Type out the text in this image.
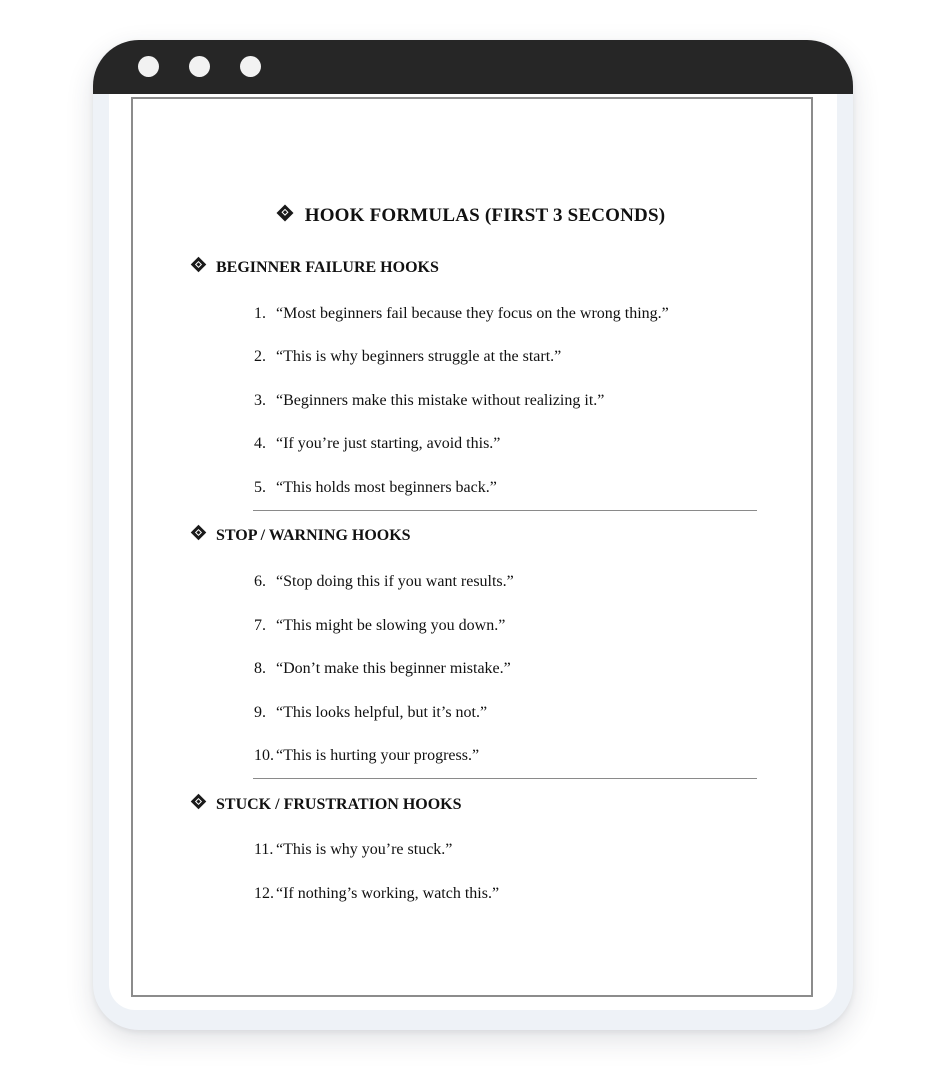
HOOK FORMULAS (FIRST 3 SECONDS)
BEGINNER FAILURE HOOKS
1. “Most beginners fail because they focus on the wrong thing.”
2. “This is why beginners struggle at the start.”
3. “Beginners make this mistake without realizing it.”
4. “If you’re just starting, avoid this.”
5. “This holds most beginners back.”
STOP / WARNING HOOKS
6. “Stop doing this if you want results.”
7. “This might be slowing you down.”
8. “Don’t make this beginner mistake.”
9. “This looks helpful, but it’s not.”
10. “This is hurting your progress.”
STUCK / FRUSTRATION HOOKS
11. “This is why you’re stuck.”
12. “If nothing’s working, watch this.”
